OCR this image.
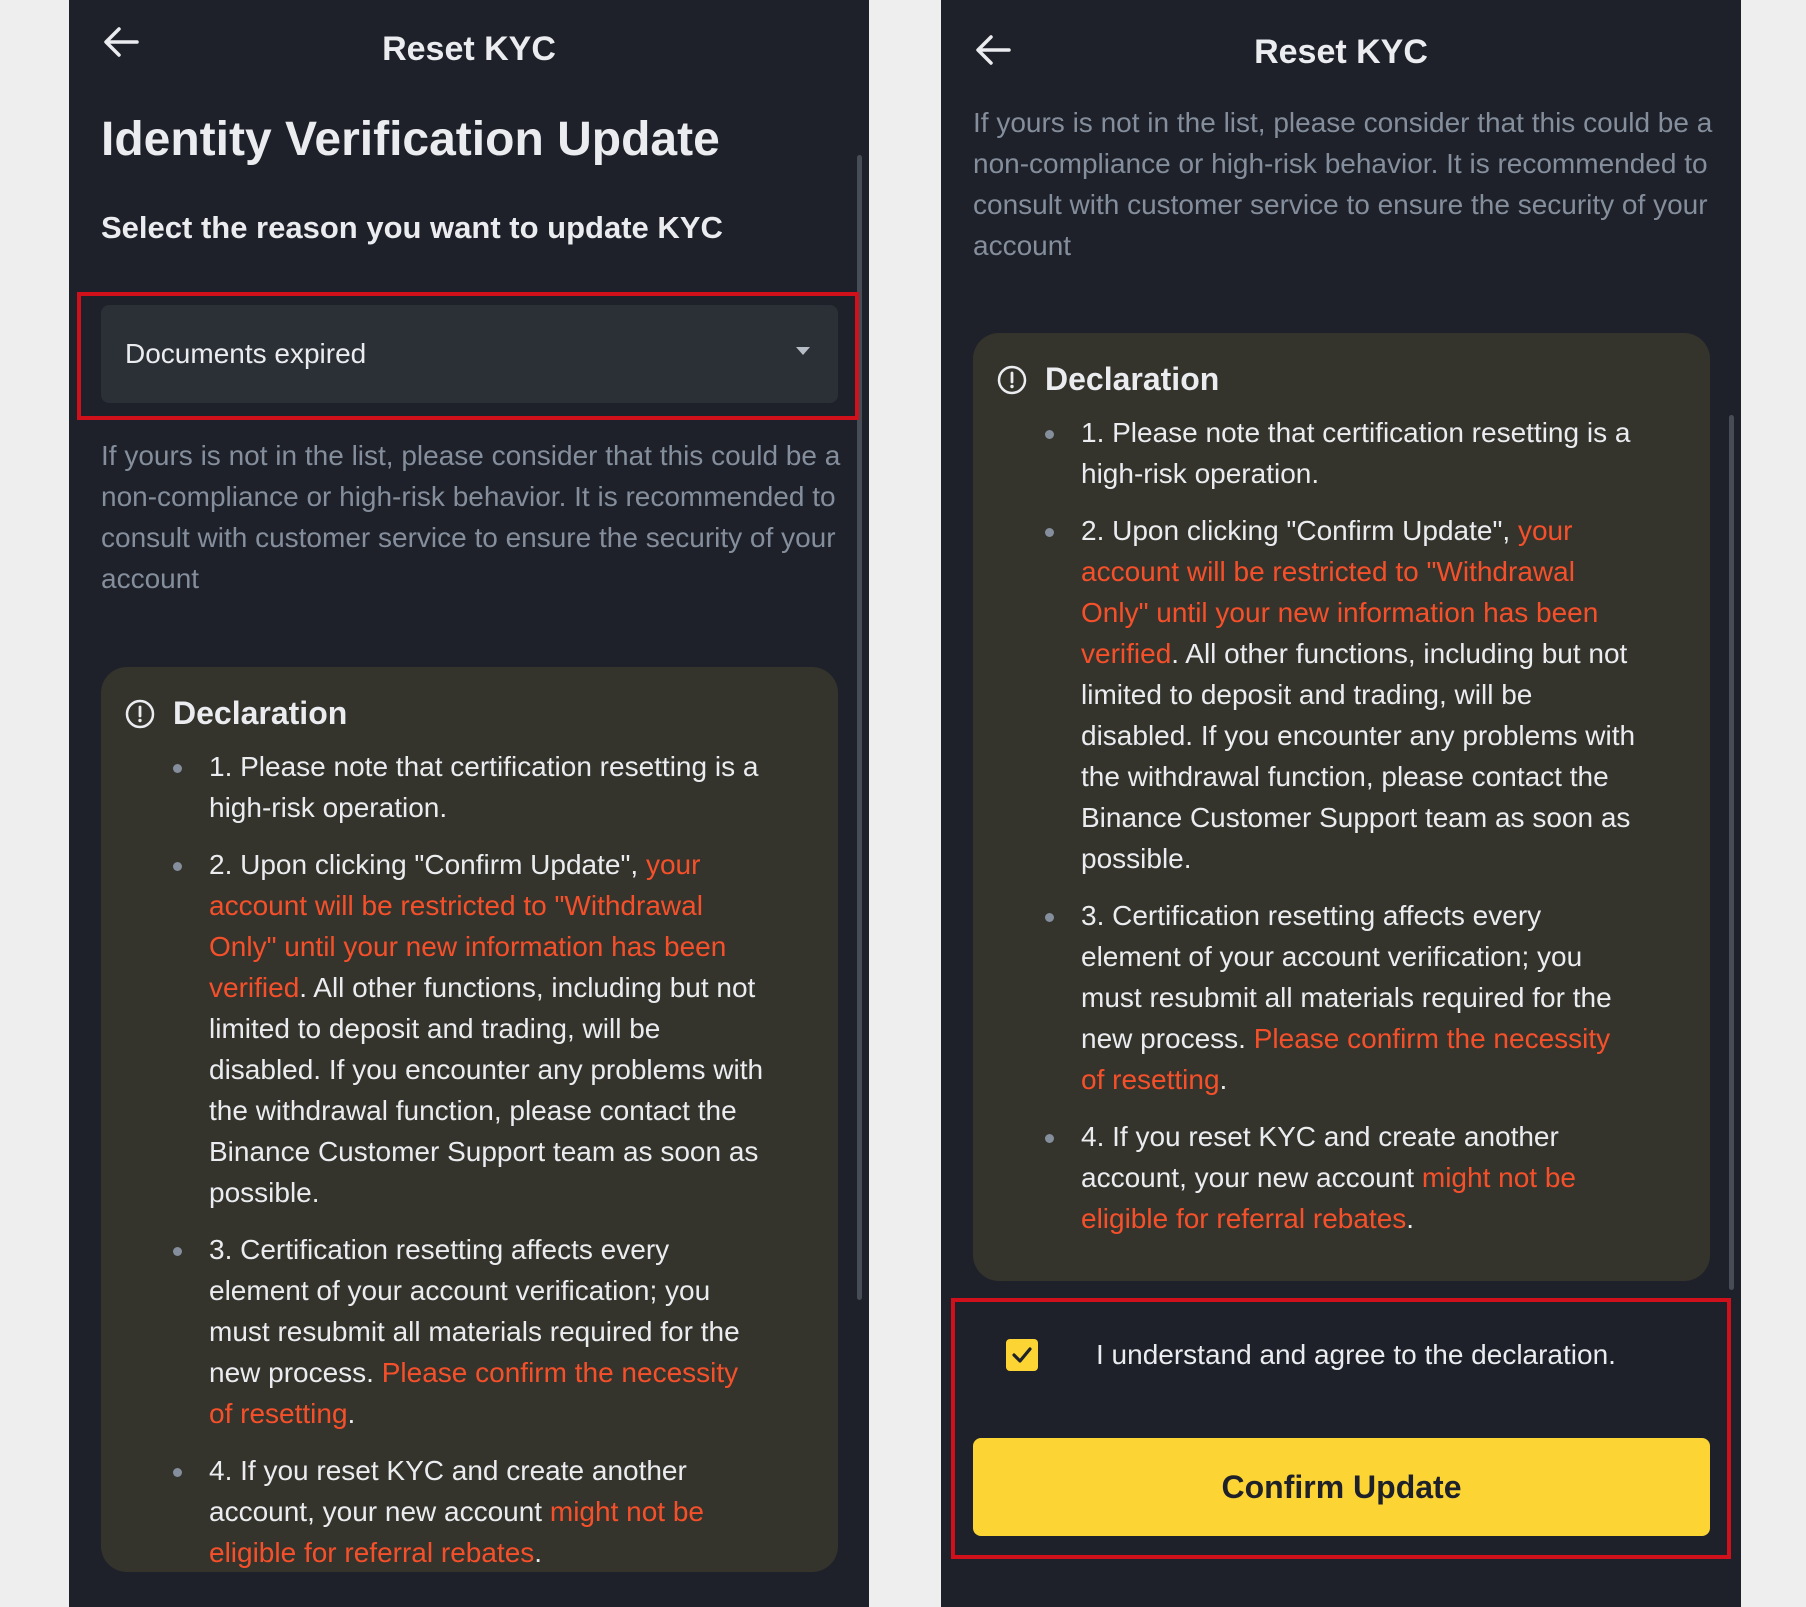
Reset KYC
Identity Verification Update
Select the reason you want to update KYC
Documents expired
If yours is not in the list, please consider that this could be a non-compliance or high-risk behavior. It is recommended to consult with customer service to ensure the security of your account
Declaration
1. Please note that certification resetting is a high-risk operation.
2. Upon clicking "Confirm Update", your account will be restricted to "Withdrawal Only" until your new information has been verified. All other functions, including but not limited to deposit and trading, will be disabled. If you encounter any problems with the withdrawal function, please contact the Binance Customer Support team as soon as possible.
3. Certification resetting affects every element of your account verification; you must resubmit all materials required for the new process. Please confirm the necessity of resetting.
4. If you reset KYC and create another account, your new account might not be eligible for referral rebates.
Reset KYC
If yours is not in the list, please consider that this could be a non-compliance or high-risk behavior. It is recommended to consult with customer service to ensure the security of your account
Declaration
1. Please note that certification resetting is a high-risk operation.
2. Upon clicking "Confirm Update", your account will be restricted to "Withdrawal Only" until your new information has been verified. All other functions, including but not limited to deposit and trading, will be disabled. If you encounter any problems with the withdrawal function, please contact the Binance Customer Support team as soon as possible.
3. Certification resetting affects every element of your account verification; you must resubmit all materials required for the new process. Please confirm the necessity of resetting.
4. If you reset KYC and create another account, your new account might not be eligible for referral rebates.
I understand and agree to the declaration.
Confirm Update
